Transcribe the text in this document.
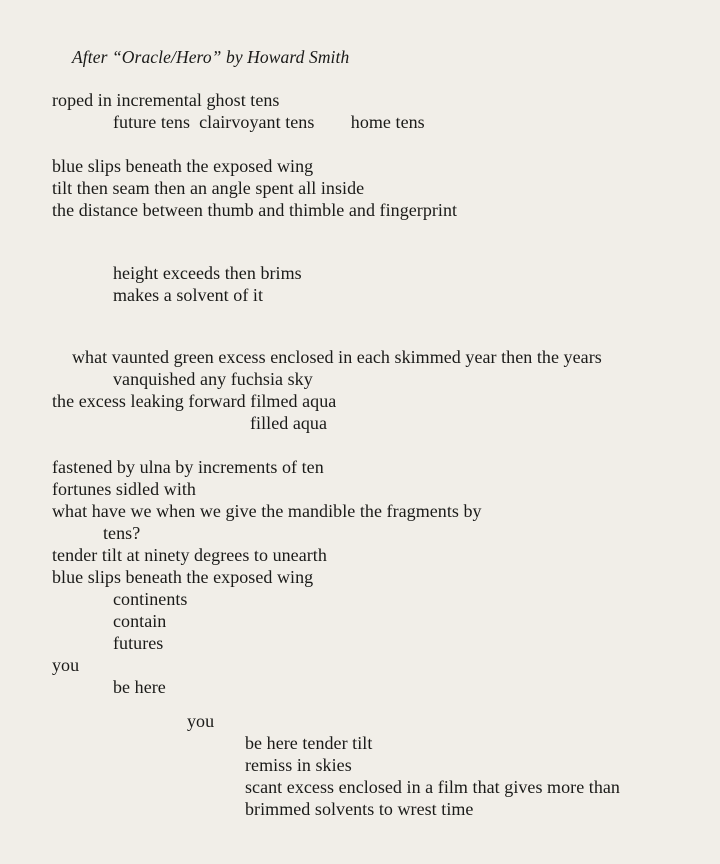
After “Oracle/Hero” by Howard Smith
roped in incremental ghost tens
future tens  clairvoyant tens        home tens
blue slips beneath the exposed wing
tilt then seam then an angle spent all inside
the distance between thumb and thimble and fingerprint
height exceeds then brims
makes a solvent of it
what vaunted green excess enclosed in each skimmed year then the years
vanquished any fuchsia sky
the excess leaking forward filmed aqua
filled aqua
fastened by ulna by increments of ten
fortunes sidled with
what have we when we give the mandible the fragments by
tens?
tender tilt at ninety degrees to unearth
blue slips beneath the exposed wing
continents
contain
futures
you
be here
you
be here tender tilt
remiss in skies
scant excess enclosed in a film that gives more than
brimmed solvents to wrest time
